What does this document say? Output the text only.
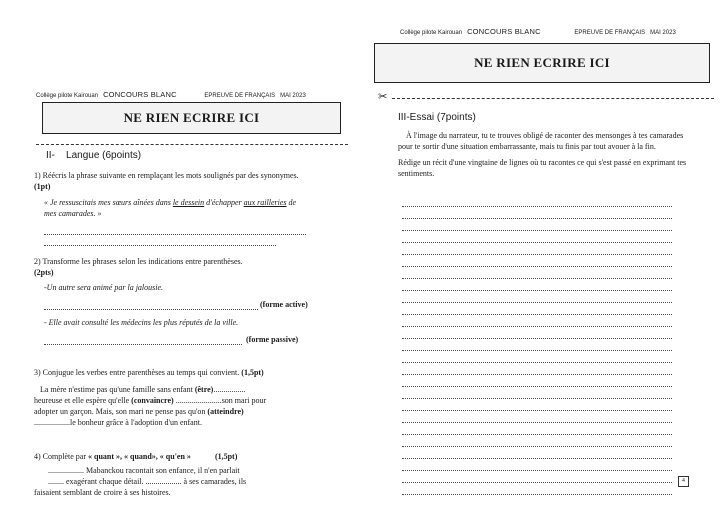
Collège pilote Kairouan CONCOURS BLANC	EPREUVE DE FRANÇAIS MAI 2023
NE RIEN ECRIRE ICI
II- Langue (6points)
1) Réécris la phrase suivante en remplaçant les mots soulignés par des synonymes. (1pt)
« Je ressuscitais mes sœurs aînées dans le dessein d'échapper aux railleries de mes camarades. »
2) Transforme les phrases selon les indications entre parenthèses.
(2pts)
-Un autre sera animé par la jalousie.
(forme active)
- Elle avait consulté les médecins les plus réputés de la ville.
(forme passive)
3) Conjugue les verbes entre parenthèses au temps qui convient. (1,5pt)
La mère n'estime pas qu'une famille sans enfant (être)................
heureuse et elle espère qu'elle (convaincre) .......................son mari pour
adopter un garçon. Mais, son mari ne pense pas qu'on (atteindre)
..................le bonheur grâce à l'adoption d'un enfant.
4) Complète par « quant », « quand», « qu'en »	(1,5pt)
.................. Mabanckou racontait son enfance, il n'en parlait
........ exagérant chaque détail. .................. à ses camarades, ils
faisaient semblant de croire à ses histoires.
Collège pilote Kairouan CONCOURS BLANC	EPREUVE DE FRANÇAIS MAI 2023
NE RIEN ECRIRE ICI
✂
III-Essai (7points)
À l'image du narrateur, tu te trouves obligé de raconter des mensonges à tes camarades pour te sortir d'une situation embarrassante, mais tu finis par tout avouer à la fin.
Rédige un récit d'une vingtaine de lignes où tu racontes ce qui s'est passé en exprimant tes sentiments.
4
